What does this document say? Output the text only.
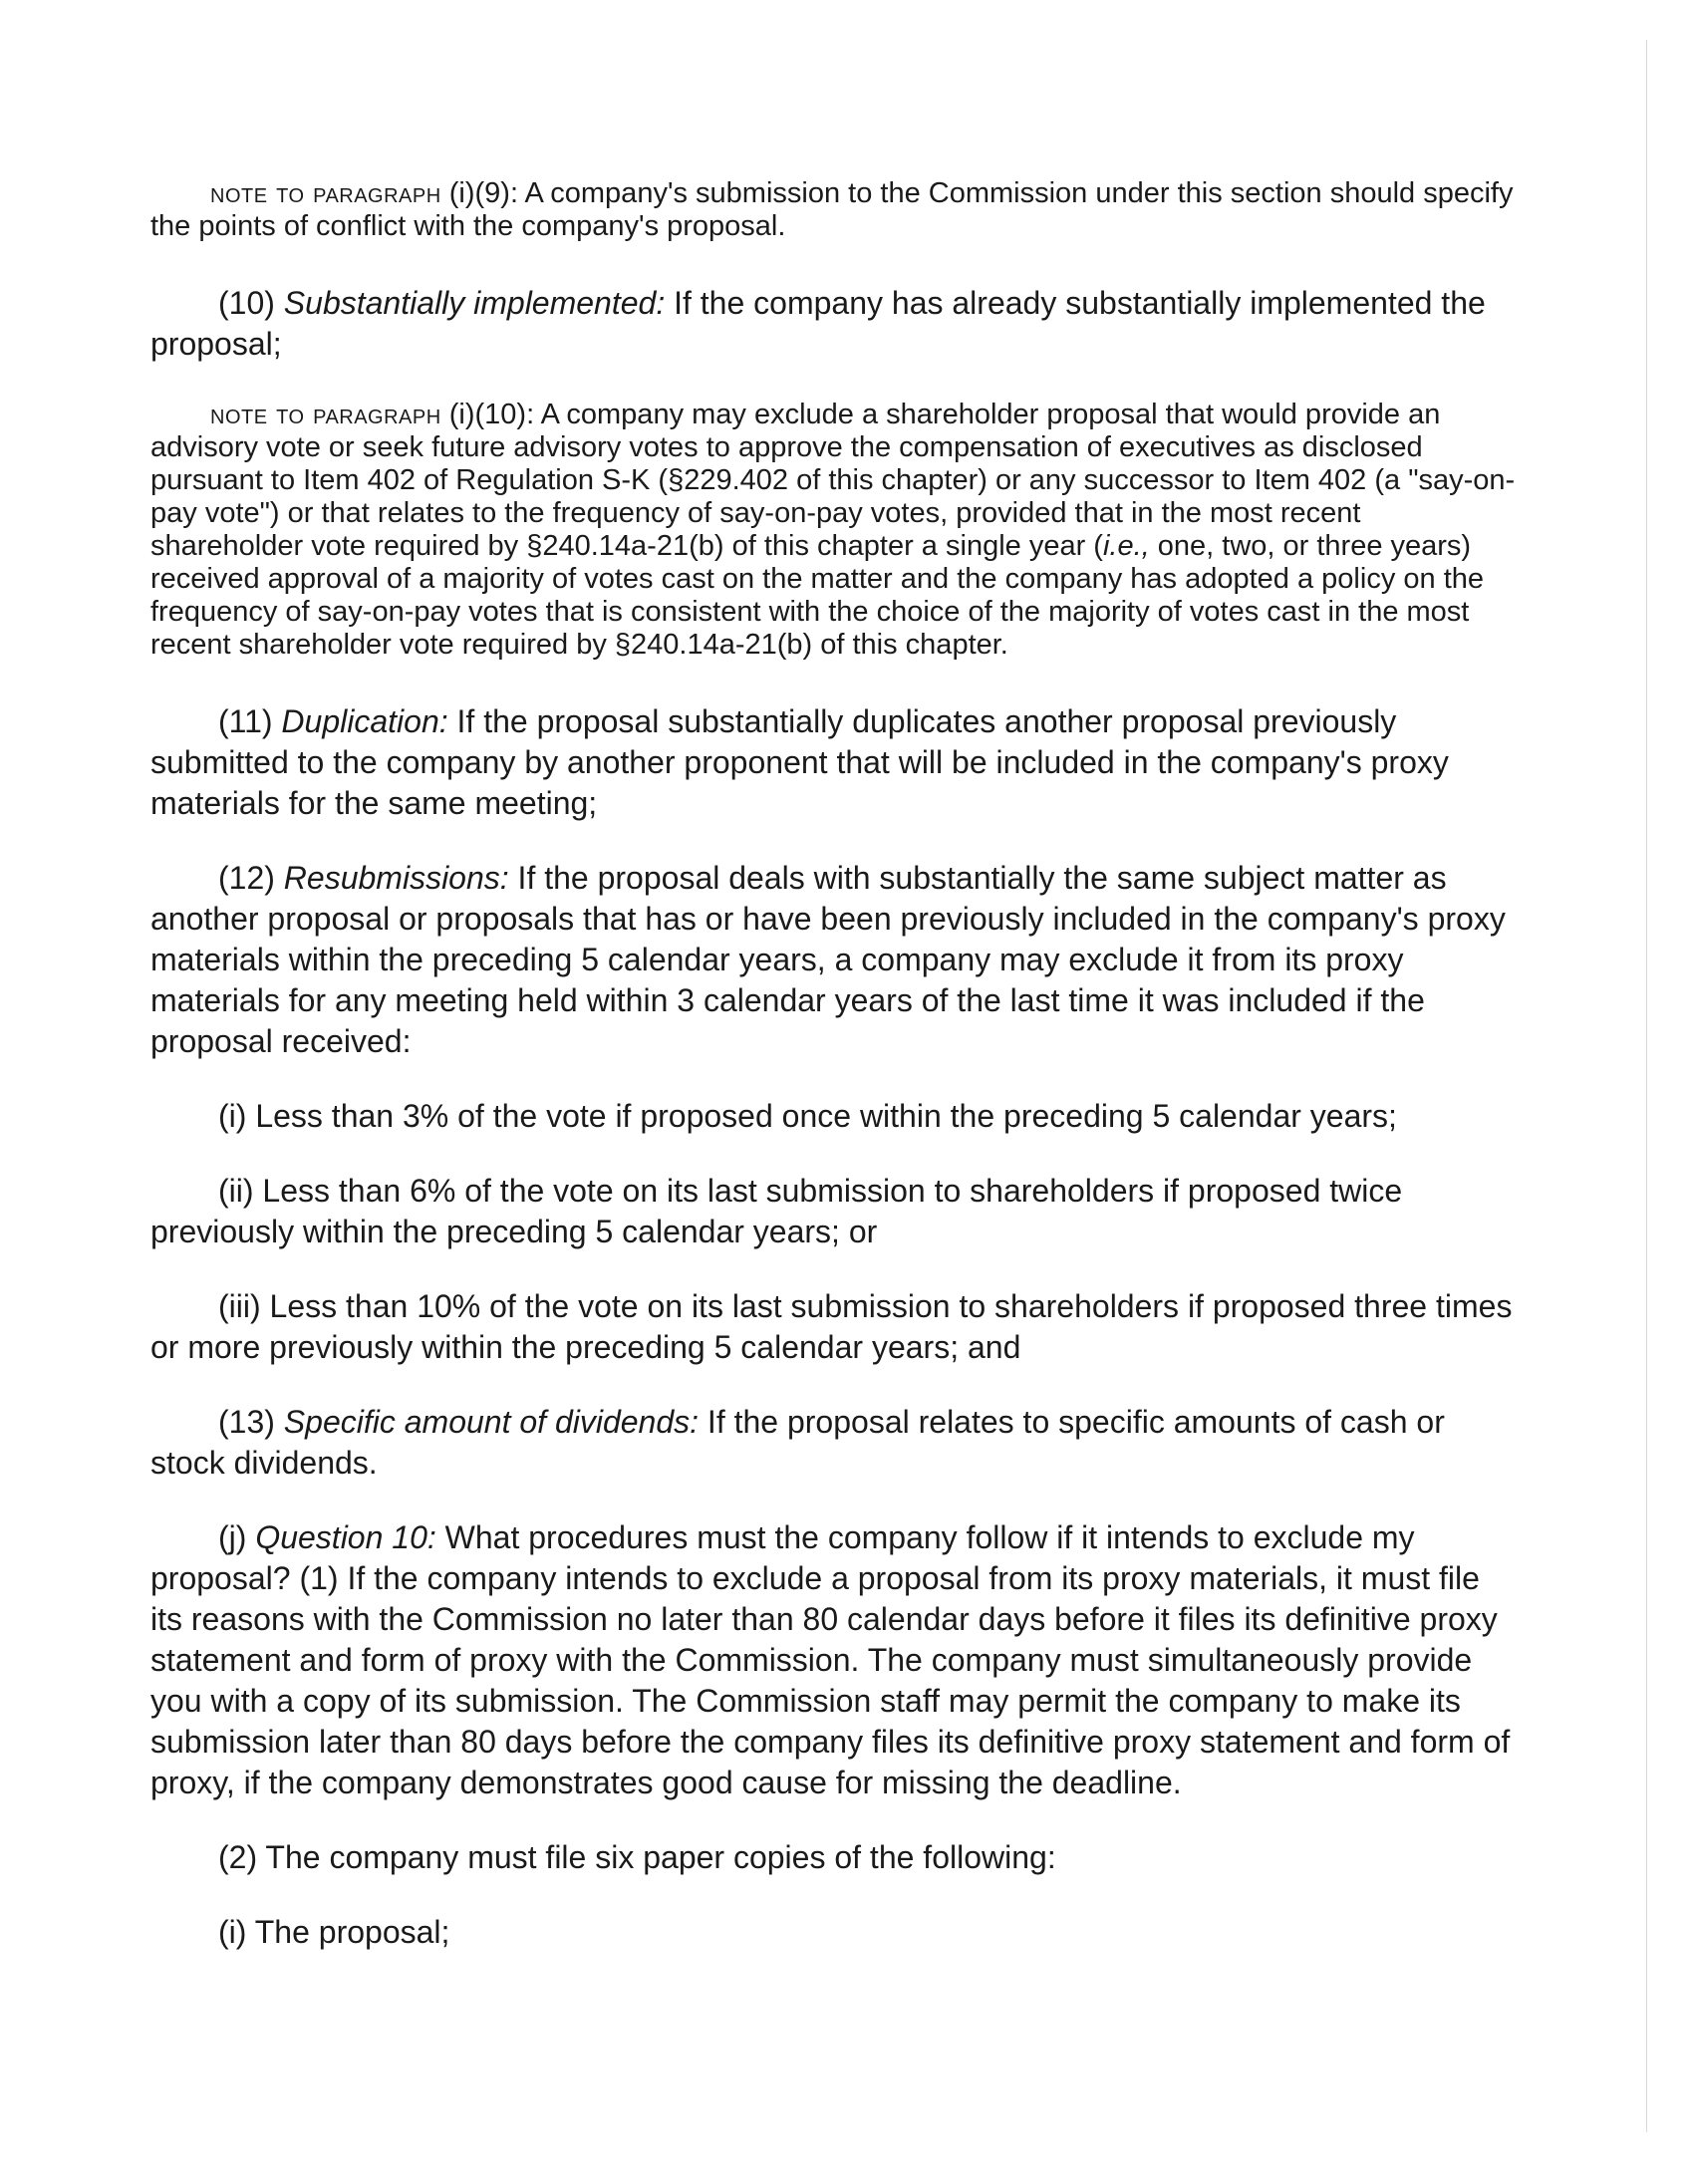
note to paragraph (i)(9): A company's submission to the Commission under this section should specify the points of conflict with the company's proposal.

(10) Substantially implemented: If the company has already substantially implemented the proposal;

note to paragraph (i)(10): A company may exclude a shareholder proposal that would provide an advisory vote or seek future advisory votes to approve the compensation of executives as disclosed pursuant to Item 402 of Regulation S-K (§229.402 of this chapter) or any successor to Item 402 (a "say-on-pay vote") or that relates to the frequency of say-on-pay votes, provided that in the most recent shareholder vote required by §240.14a-21(b) of this chapter a single year (i.e., one, two, or three years) received approval of a majority of votes cast on the matter and the company has adopted a policy on the frequency of say-on-pay votes that is consistent with the choice of the majority of votes cast in the most recent shareholder vote required by §240.14a-21(b) of this chapter.

(11) Duplication: If the proposal substantially duplicates another proposal previously submitted to the company by another proponent that will be included in the company's proxy materials for the same meeting;

(12) Resubmissions: If the proposal deals with substantially the same subject matter as another proposal or proposals that has or have been previously included in the company's proxy materials within the preceding 5 calendar years, a company may exclude it from its proxy materials for any meeting held within 3 calendar years of the last time it was included if the proposal received:

(i) Less than 3% of the vote if proposed once within the preceding 5 calendar years;

(ii) Less than 6% of the vote on its last submission to shareholders if proposed twice previously within the preceding 5 calendar years; or

(iii) Less than 10% of the vote on its last submission to shareholders if proposed three times or more previously within the preceding 5 calendar years; and

(13) Specific amount of dividends: If the proposal relates to specific amounts of cash or stock dividends.

(j) Question 10: What procedures must the company follow if it intends to exclude my proposal? (1) If the company intends to exclude a proposal from its proxy materials, it must file its reasons with the Commission no later than 80 calendar days before it files its definitive proxy statement and form of proxy with the Commission. The company must simultaneously provide you with a copy of its submission. The Commission staff may permit the company to make its submission later than 80 days before the company files its definitive proxy statement and form of proxy, if the company demonstrates good cause for missing the deadline.

(2) The company must file six paper copies of the following:

(i) The proposal;
